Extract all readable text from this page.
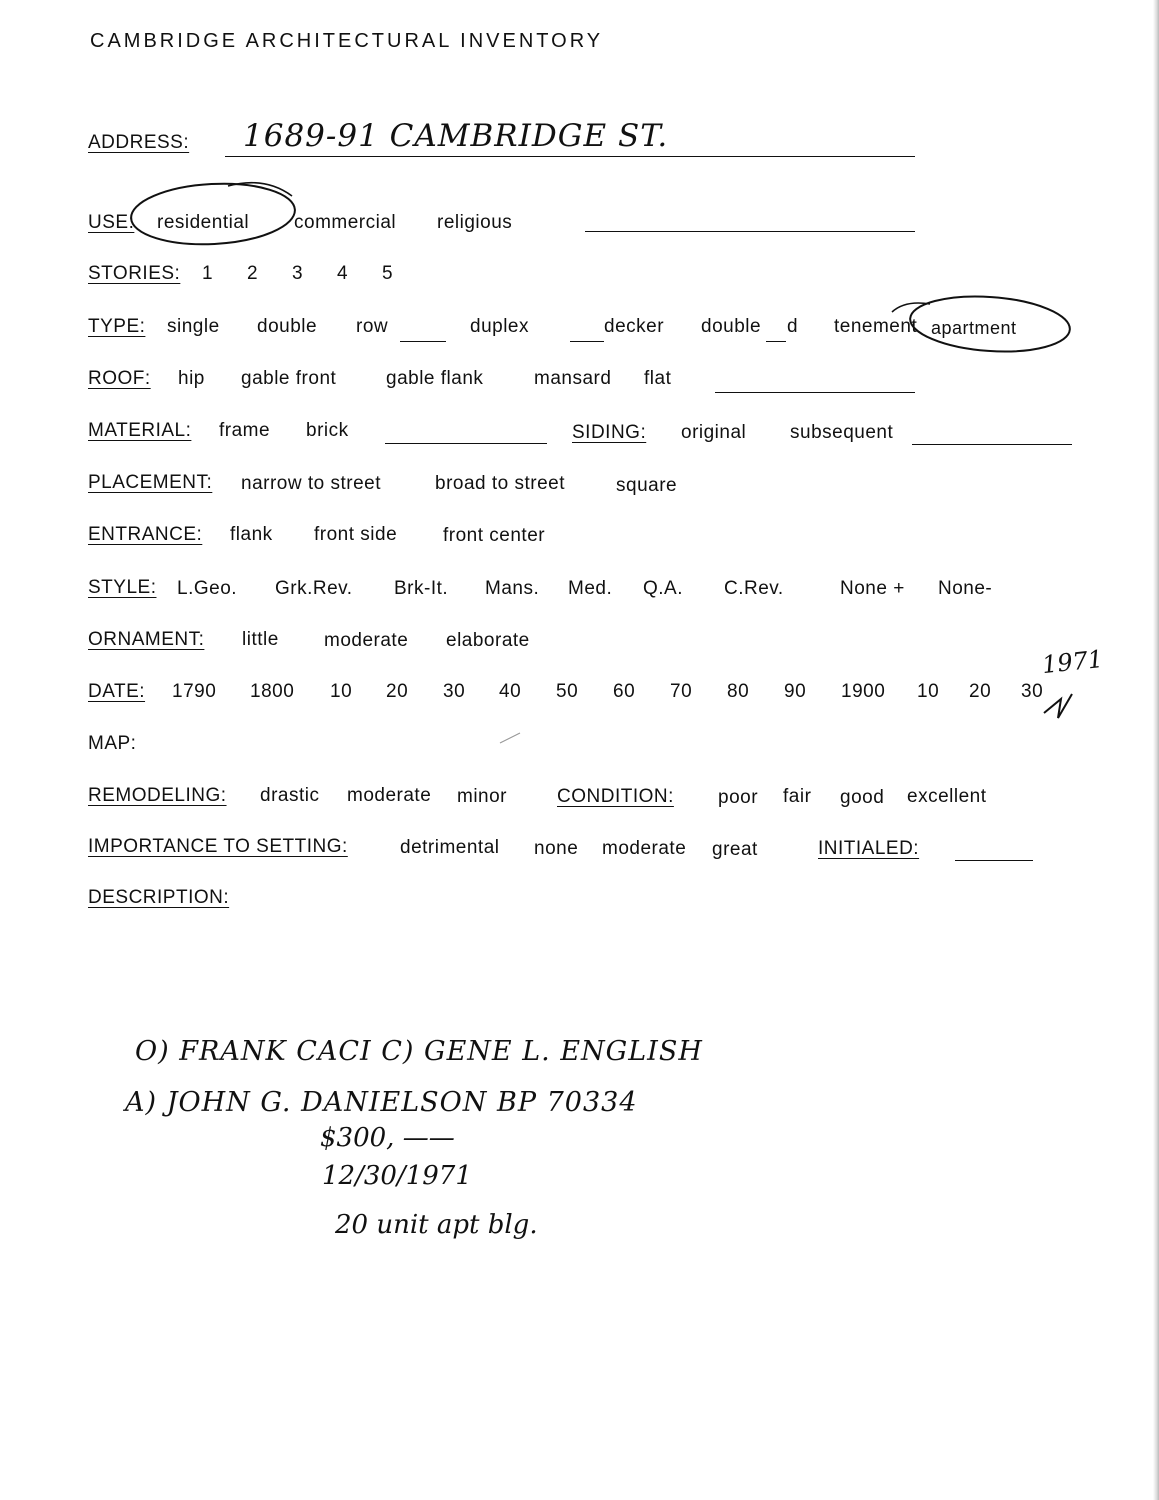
CAMBRIDGE ARCHITECTURAL INVENTORY
ADDRESS: 1689-91 CAMBRIDGE ST.
USE: residential commercial religious
STORIES: 1 2 3 4 5
TYPE: single double row	duplex	decker double d tenement apartment
ROOF: hip gable front	gable flank	mansard flat
MATERIAL: frame brick	SIDING: original subsequent
PLACEMENT: narrow to street	broad to street	square
ENTRANCE: flank front side front center
STYLE: L.Geo. Grk.Rev. Brk-It. Mans. Med. Q.A. C.Rev.	None + None-
ORNAMENT: little moderate elaborate
DATE: 1790 1800 10 20 30 40 50 60 70 80 90 1900 10 20 30
1971
MAP:
REMODELING: drastic moderate minor	CONDITION: poor fair good excellent
IMPORTANCE TO SETTING:	detrimental none moderate great	INITIALED:
DESCRIPTION:
O) FRANK CACI C) GENE L. ENGLISH
A) JOHN G. DANIELSON BP 70334
$300, ——
12/30/1971
20 unit apt blg.
